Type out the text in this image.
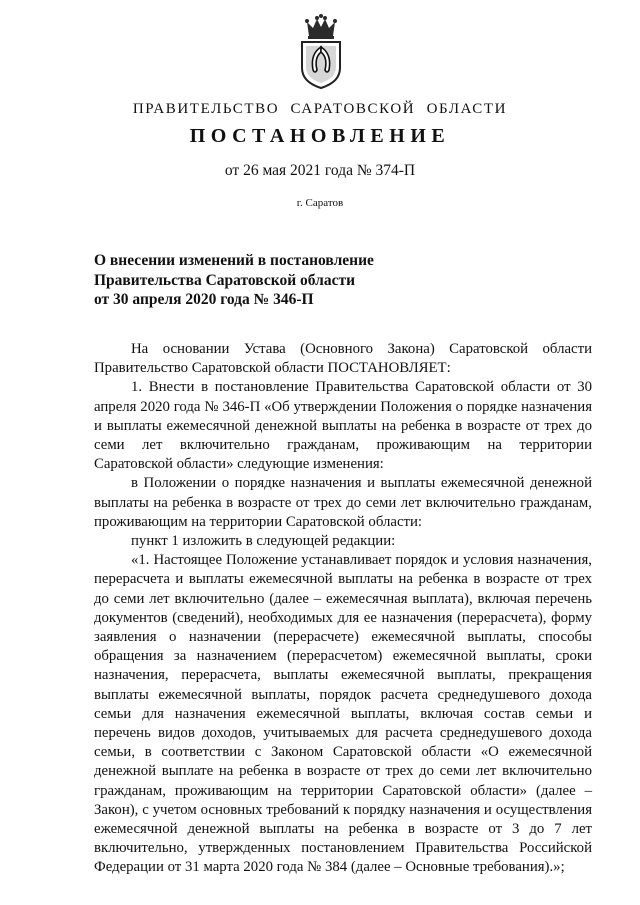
ПРАВИТЕЛЬСТВО САРАТОВСКОЙ ОБЛАСТИ
ПОСТАНОВЛЕНИЕ
от 26 мая 2021 года № 374-П
г. Саратов
О внесении изменений в постановление
Правительства Саратовской области
от 30 апреля 2020 года № 346-П

На основании Устава (Основного Закона) Саратовской области Правительство Саратовской области ПОСТАНОВЛЯЕТ:

1. Внести в постановление Правительства Саратовской области от 30 апреля 2020 года № 346-П «Об утверждении Положения о порядке назначения и выплаты ежемесячной денежной выплаты на ребенка в возрасте от трех до семи лет включительно гражданам, проживающим на территории Саратовской области» следующие изменения:

в Положении о порядке назначения и выплаты ежемесячной денежной выплаты на ребенка в возрасте от трех до семи лет включительно гражданам, проживающим на территории Саратовской области:

пункт 1 изложить в следующей редакции:

«1. Настоящее Положение устанавливает порядок и условия назначения, перерасчета и выплаты ежемесячной выплаты на ребенка в возрасте от трех до семи лет включительно (далее – ежемесячная выплата), включая перечень документов (сведений), необходимых для ее назначения (перерасчета), форму заявления о назначении (перерасчете) ежемесячной выплаты, способы обращения за назначением (перерасчетом) ежемесячной выплаты, сроки назначения, перерасчета, выплаты ежемесячной выплаты, прекращения выплаты ежемесячной выплаты, порядок расчета среднедушевого дохода семьи для назначения ежемесячной выплаты, включая состав семьи и перечень видов доходов, учитываемых для расчета среднедушевого дохода семьи, в соответствии с Законом Саратовской области «О ежемесячной денежной выплате на ребенка в возрасте от трех до семи лет включительно гражданам, проживающим на территории Саратовской области» (далее – Закон), с учетом основных требований к порядку назначения и осуществления ежемесячной денежной выплаты на ребенка в возрасте от 3 до 7 лет включительно, утвержденных постановлением Правительства Российской Федерации от 31 марта 2020 года № 384 (далее – Основные требования).»;
